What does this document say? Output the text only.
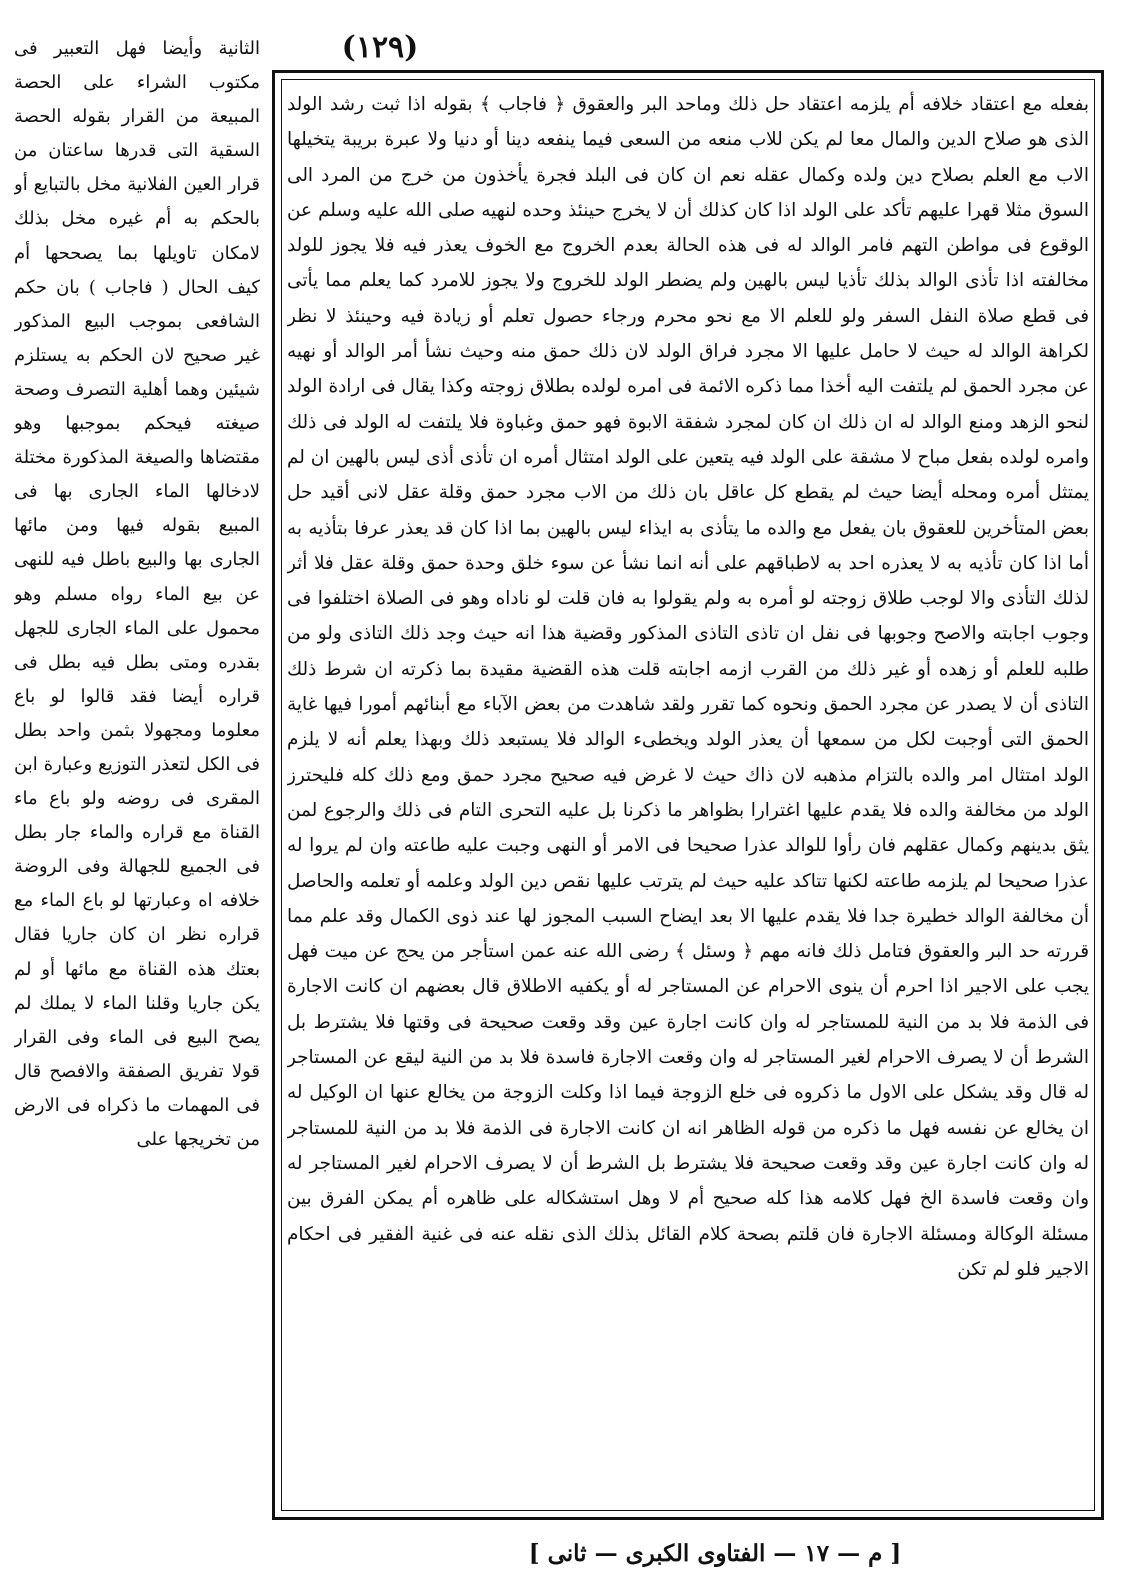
(١٢٩)

الثانية وأيضا فهل التعبير فى مكتوب الشراء على الحصة المبيعة من القرار بقوله الحصة السقية التى قدرها ساعتان من قرار العين الفلانية مخل بالتبايع أو بالحكم به أم غيره مخل بذلك لامكان تاويلها بما يصححها أم كيف الحال ( فاجاب ) بان حكم الشافعى بموجب البيع المذكور غير صحيح لان الحكم به يستلزم شيئين وهما أهلية التصرف وصحة صيغته فيحكم بموجبها وهو مقتضاها والصيغة المذكورة مختلة لادخالها الماء الجارى بها فى المبيع بقوله فيها ومن مائها الجارى بها والبيع باطل فيه للنهى عن بيع الماء رواه مسلم وهو محمول على الماء الجارى للجهل بقدره ومتى بطل فيه بطل فى قراره أيضا فقد قالوا لو باع معلوما ومجهولا بثمن واحد بطل فى الكل لتعذر التوزيع وعبارة ابن المقرى فى روضه ولو باع ماء القناة مع قراره والماء جار بطل فى الجميع للجهالة وفى الروضة خلافه اه وعبارتها لو باع الماء مع قراره نظر ان كان جاريا فقال بعتك هذه القناة مع مائها أو لم يكن جاريا وقلنا الماء لا يملك لم يصح البيع فى الماء وفى القرار قولا تفريق الصفقة والافصح قال فى المهمات ما ذكراه فى الارض من تخريجها على

بفعله مع اعتقاد خلافه أم يلزمه اعتقاد حل ذلك وماحد البر والعقوق ﴿ فاجاب ﴾ بقوله اذا ثبت رشد الولد الذى هو صلاح الدين والمال معا لم يكن للاب منعه من السعى فيما ينفعه دينا أو دنيا ولا عبرة بريبة يتخيلها الاب مع العلم بصلاح دين ولده وكمال عقله نعم ان كان فى البلد فجرة يأخذون من خرج من المرد الى السوق مثلا قهرا عليهم تأكد على الولد اذا كان كذلك أن لا يخرج حينئذ وحده لنهيه صلى الله عليه وسلم عن الوقوع فى مواطن التهم فامر الوالد له فى هذه الحالة بعدم الخروج مع الخوف يعذر فيه فلا يجوز للولد مخالفته اذا تأذى الوالد بذلك تأذيا ليس بالهين ولم يضطر الولد للخروج ولا يجوز للامرد كما يعلم مما يأتى فى قطع صلاة النفل السفر ولو للعلم الا مع نحو محرم ورجاء حصول تعلم أو زيادة فيه وحينئذ لا نظر لكراهة الوالد له حيث لا حامل عليها الا مجرد فراق الولد لان ذلك حمق منه وحيث نشأ أمر الوالد أو نهيه عن مجرد الحمق لم يلتفت اليه أخذا مما ذكره الائمة فى امره لولده بطلاق زوجته وكذا يقال فى ارادة الولد لنحو الزهد ومنع الوالد له ان ذلك ان كان لمجرد شفقة الابوة فهو حمق وغباوة فلا يلتفت له الولد فى ذلك وامره لولده بفعل مباح لا مشقة على الولد فيه يتعين على الولد امتثال أمره ان تأذى أذى ليس بالهين ان لم يمتثل أمره ومحله أيضا حيث لم يقطع كل عاقل بان ذلك من الاب مجرد حمق وقلة عقل لانى أقيد حل بعض المتأخرين للعقوق بان يفعل مع والده ما يتأذى به ايذاء ليس بالهين بما اذا كان قد يعذر عرفا بتأذيه به أما اذا كان تأذيه به لا يعذره احد به لاطباقهم على أنه انما نشأ عن سوء خلق وحدة حمق وقلة عقل فلا أثر لذلك التأذى والا لوجب طلاق زوجته لو أمره به ولم يقولوا به فان قلت لو ناداه وهو فى الصلاة اختلفوا فى وجوب اجابته والاصح وجوبها فى نفل ان تاذى التاذى المذكور وقضية هذا انه حيث وجد ذلك التاذى ولو من طلبه للعلم أو زهده أو غير ذلك من القرب ازمه اجابته قلت هذه القضية مقيدة بما ذكرته ان شرط ذلك التاذى أن لا يصدر عن مجرد الحمق ونحوه كما تقرر ولقد شاهدت من بعض الآباء مع أبنائهم أمورا فيها غاية الحمق التى أوجبت لكل من سمعها أن يعذر الولد ويخطىء الوالد فلا يستبعد ذلك وبهذا يعلم أنه لا يلزم الولد امتثال امر والده بالتزام مذهبه لان ذاك حيث لا غرض فيه صحيح مجرد حمق ومع ذلك كله فليحترز الولد من مخالفة والده فلا يقدم عليها اغترارا بظواهر ما ذكرنا بل عليه التحرى التام فى ذلك والرجوع لمن يثق بدينهم وكمال عقلهم فان رأوا للوالد عذرا صحيحا فى الامر أو النهى وجبت عليه طاعته وان لم يروا له عذرا صحيحا لم يلزمه طاعته لكنها تتاكد عليه حيث لم يترتب عليها نقص دين الولد وعلمه أو تعلمه والحاصل أن مخالفة الوالد خطيرة جدا فلا يقدم عليها الا بعد ايضاح السبب المجوز لها عند ذوى الكمال وقد علم مما قررته حد البر والعقوق فتامل ذلك فانه مهم ﴿ وسئل ﴾ رضى الله عنه عمن استأجر من يحج عن ميت فهل يجب على الاجير اذا احرم أن ينوى الاحرام عن المستاجر له أو يكفيه الاطلاق قال بعضهم ان كانت الاجارة فى الذمة فلا بد من النية للمستاجر له وان كانت اجارة عين وقد وقعت صحيحة فى وقتها فلا يشترط بل الشرط أن لا يصرف الاحرام لغير المستاجر له وان وقعت الاجارة فاسدة فلا بد من النية ليقع عن المستاجر له قال وقد يشكل على الاول ما ذكروه فى خلع الزوجة فيما اذا وكلت الزوجة من يخالع عنها ان الوكيل له ان يخالع عن نفسه فهل ما ذكره من قوله الظاهر انه ان كانت الاجارة فى الذمة فلا بد من النية للمستاجر له وان كانت اجارة عين وقد وقعت صحيحة فلا يشترط بل الشرط أن لا يصرف الاحرام لغير المستاجر له وان وقعت فاسدة الخ فهل كلامه هذا كله صحيح أم لا وهل استشكاله على ظاهره أم يمكن الفرق بين مسئلة الوكالة ومسئلة الاجارة فان قلتم بصحة كلام القائل بذلك الذى نقله عنه فى غنية الفقير فى احكام الاجير فلو لم تكن

[ م — ١٧ — الفتاوى الكبرى — ثانى ]
